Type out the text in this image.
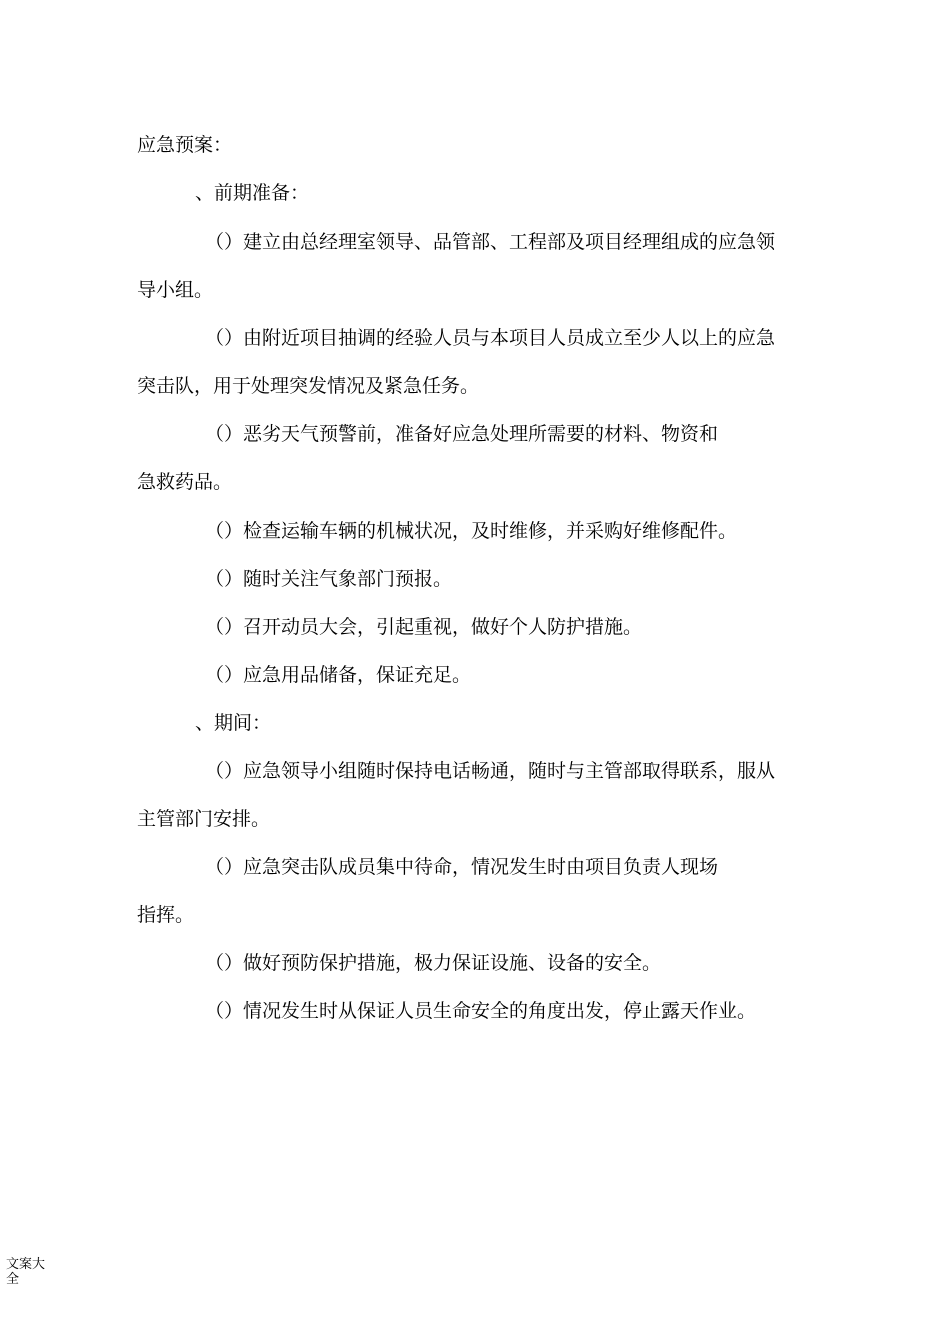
应急预案：
、前期准备：
（）建立由总经理室领导、品管部、工程部及项目经理组成的应急领
导小组。
（）由附近项目抽调的经验人员与本项目人员成立至少人以上的应急
突击队，用于处理突发情况及紧急任务。
（）恶劣天气预警前，准备好应急处理所需要的材料、物资和
急救药品。
（）检查运输车辆的机械状况，及时维修，并采购好维修配件。
（）随时关注气象部门预报。
（）召开动员大会，引起重视，做好个人防护措施。
（）应急用品储备，保证充足。
、期间：
（）应急领导小组随时保持电话畅通，随时与主管部取得联系，服从
主管部门安排。
（）应急突击队成员集中待命，情况发生时由项目负责人现场
指挥。
（）做好预防保护措施，极力保证设施、设备的安全。
（）情况发生时从保证人员生命安全的角度出发，停止露天作业。
文案大全
